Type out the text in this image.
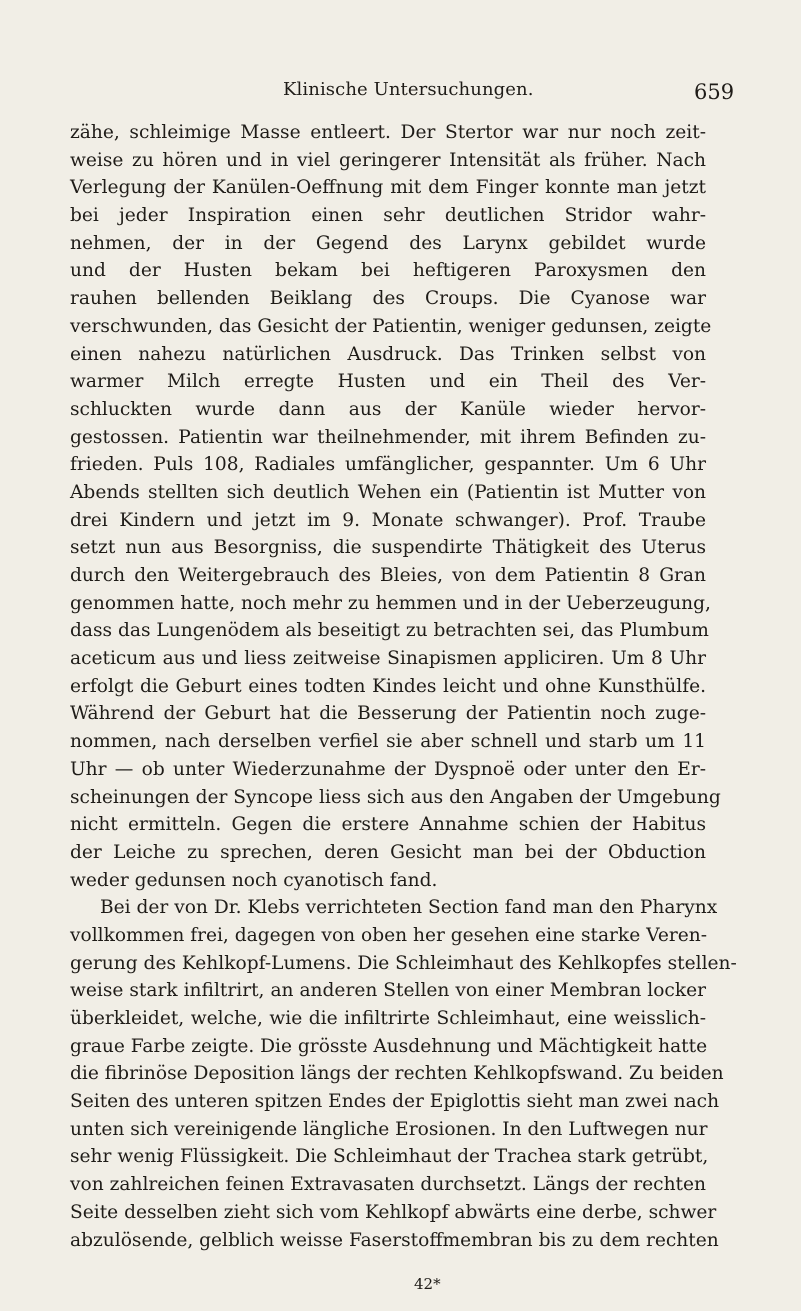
Klinische Untersuchungen.	659
zähe, schleimige Masse entleert. Der Stertor war nur noch zeit-
weise zu hören und in viel geringerer Intensität als früher. Nach
Verlegung der Kanülen-Oeffnung mit dem Finger konnte man jetzt
bei jeder Inspiration einen sehr deutlichen Stridor wahr-
nehmen, der in der Gegend des Larynx gebildet wurde
und der Husten bekam bei heftigeren Paroxysmen den
rauhen bellenden Beiklang des Croups. Die Cyanose war
verschwunden, das Gesicht der Patientin, weniger gedunsen, zeigte
einen nahezu natürlichen Ausdruck. Das Trinken selbst von
warmer Milch erregte Husten und ein Theil des Ver-
schluckten wurde dann aus der Kanüle wieder hervor-
gestossen. Patientin war theilnehmender, mit ihrem Befinden zu-
frieden. Puls 108, Radiales umfänglicher, gespannter. Um 6 Uhr
Abends stellten sich deutlich Wehen ein (Patientin ist Mutter von
drei Kindern und jetzt im 9. Monate schwanger). Prof. Traube
setzt nun aus Besorgniss, die suspendirte Thätigkeit des Uterus
durch den Weitergebrauch des Bleies, von dem Patientin 8 Gran
genommen hatte, noch mehr zu hemmen und in der Ueberzeugung,
dass das Lungenödem als beseitigt zu betrachten sei, das Plumbum
aceticum aus und liess zeitweise Sinapismen appliciren. Um 8 Uhr
erfolgt die Geburt eines todten Kindes leicht und ohne Kunsthülfe.
Während der Geburt hat die Besserung der Patientin noch zuge-
nommen, nach derselben verfiel sie aber schnell und starb um 11
Uhr — ob unter Wiederzunahme der Dyspnoë oder unter den Er-
scheinungen der Syncope liess sich aus den Angaben der Umgebung
nicht ermitteln. Gegen die erstere Annahme schien der Habitus
der Leiche zu sprechen, deren Gesicht man bei der Obduction
weder gedunsen noch cyanotisch fand.
Bei der von Dr. Klebs verrichteten Section fand man den Pharynx
vollkommen frei, dagegen von oben her gesehen eine starke Veren-
gerung des Kehlkopf-Lumens. Die Schleimhaut des Kehlkopfes stellen-
weise stark infiltrirt, an anderen Stellen von einer Membran locker
überkleidet, welche, wie die infiltrirte Schleimhaut, eine weisslich-
graue Farbe zeigte. Die grösste Ausdehnung und Mächtigkeit hatte
die fibrinöse Deposition längs der rechten Kehlkopfswand. Zu beiden
Seiten des unteren spitzen Endes der Epiglottis sieht man zwei nach
unten sich vereinigende längliche Erosionen. In den Luftwegen nur
sehr wenig Flüssigkeit. Die Schleimhaut der Trachea stark getrübt,
von zahlreichen feinen Extravasaten durchsetzt. Längs der rechten
Seite desselben zieht sich vom Kehlkopf abwärts eine derbe, schwer
abzulösende, gelblich weisse Faserstoffmembran bis zu dem rechten
42*
